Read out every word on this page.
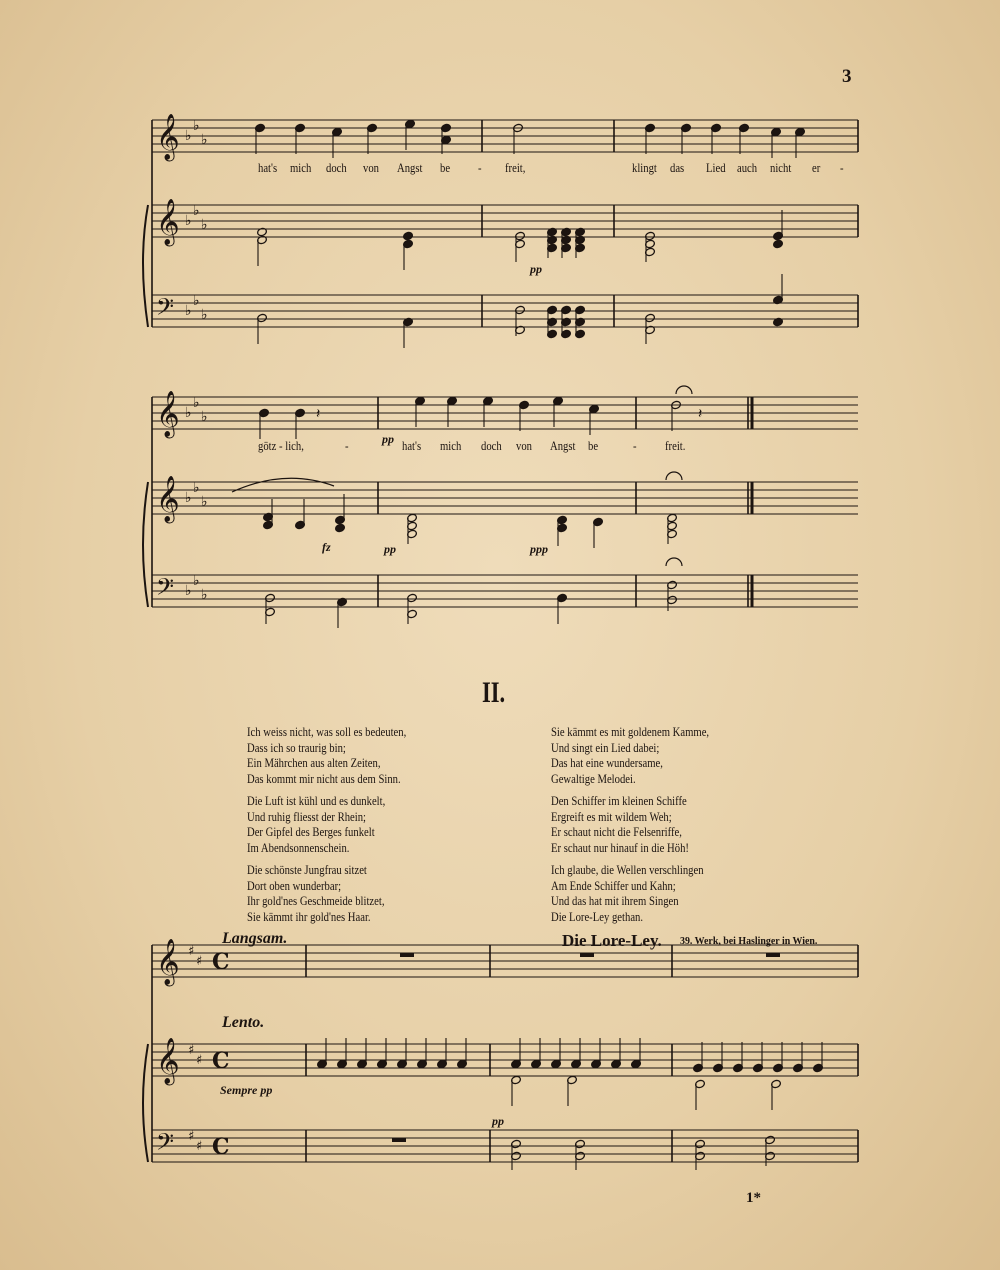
3
𝄞
𝄞
𝄢
𝄞
𝄞
𝄢
𝄞
𝄞
𝄢
♭
♭
♭
♭
♭
♭
♭
♭
♭
♭
♭
♭
♭
♭
♭
♭
♭
♭
♯
♯
♯
♯
♯
♯
C
C
C
𝄽	𝄽
hat's mich doch von Angst be - freit,	klingt das Lied auch nicht er -
pp
götz - lich,	-	pp hat's mich doch von Angst be	- freit.
fz	pp	ppp
II.

Ich weiss nicht, was soll es bedeuten,
Dass ich so traurig bin;
Ein Mährchen aus alten Zeiten,
Das kommt mir nicht aus dem Sinn.

Die Luft ist kühl und es dunkelt,
Und ruhig fliesst der Rhein;
Der Gipfel des Berges funkelt
Im Abendsonnenschein.

Die schönste Jungfrau sitzet
Dort oben wunderbar;
Ihr gold'nes Geschmeide blitzet,
Sie kämmt ihr gold'nes Haar.

Sie kämmt es mit goldenem Kamme,
Und singt ein Lied dabei;
Das hat eine wundersame,
Gewaltige Melodei.

Den Schiffer im kleinen Schiffe
Ergreift es mit wildem Weh;
Er schaut nicht die Felsenriffe,
Er schaut nur hinauf in die Höh!

Ich glaube, die Wellen verschlingen
Am Ende Schiffer und Kahn;
Und das hat mit ihrem Singen
Die Lore-Ley gethan.

Langsam.	Die Lore-Ley. 39. Werk, bei Haslinger in Wien.
Lento.
Sempre pp
pp
1*
